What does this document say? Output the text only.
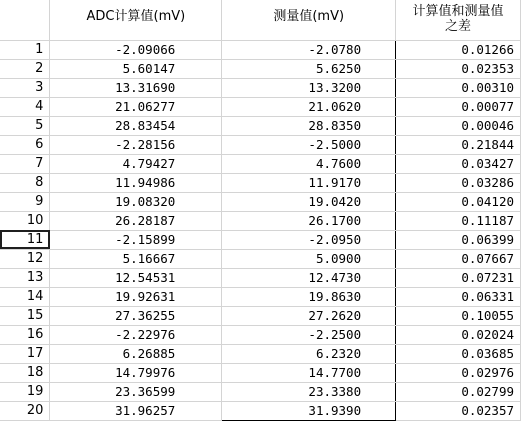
	ADC计算值(mV)	测量值(mV)	计算值和测量值
之差
1	-2.09066	-2.0780	0.01266
2	5.60147	5.6250	0.02353
3	13.31690	13.3200	0.00310
4	21.06277	21.0620	0.00077
5	28.83454	28.8350	0.00046
6	-2.28156	-2.5000	0.21844
7	4.79427	4.7600	0.03427
8	11.94986	11.9170	0.03286
9	19.08320	19.0420	0.04120
10	26.28187	26.1700	0.11187
11	-2.15899	-2.0950	0.06399
12	5.16667	5.0900	0.07667
13	12.54531	12.4730	0.07231
14	19.92631	19.8630	0.06331
15	27.36255	27.2620	0.10055
16	-2.22976	-2.2500	0.02024
17	6.26885	6.2320	0.03685
18	14.79976	14.7700	0.02976
19	23.36599	23.3380	0.02799
20	31.96257	31.9390	0.02357
